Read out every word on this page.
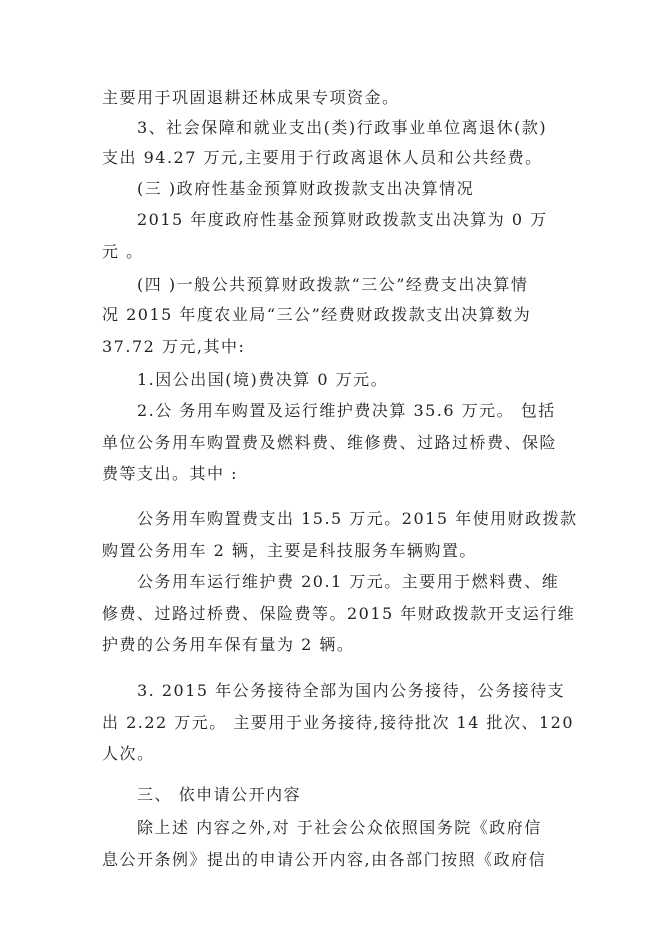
主要用于巩固退耕还林成果专项资金。
3、社会保障和就业支出(类)行政事业单位离退休(款)
支出 94.27 万元,主要用于行政离退休人员和公共经费。
(三 )政府性基金预算财政拨款支出决算情况
2015 年度政府性基金预算财政拨款支出决算为 0 万
元 。
(四 )一般公共预算财政拨款“三公”经费支出决算情
况 2015 年度农业局“三公”经费财政拨款支出决算数为
37.72 万元,其中:
1.因公出国(境)费决算 0 万元。
2.公 务用车购置及运行维护费决算 35.6 万元。 包括
单位公务用车购置费及燃料费、维修费、过路过桥费、保险
费等支出。其中 :
公务用车购置费支出 15.5 万元。2015 年使用财政拨款
购置公务用车 2 辆，主要是科技服务车辆购置。
公务用车运行维护费 20.1 万元。主要用于燃料费、维
修费、过路过桥费、保险费等。2015 年财政拨款开支运行维
护费的公务用车保有量为 2 辆。
3. 2015 年公务接待全部为国内公务接待，公务接待支
出 2.22 万元。 主要用于业务接待,接待批次 14 批次、120
人次。
三、 依申请公开内容
除上述 内容之外,对 于社会公众依照国务院《政府信
息公开条例》提出的申请公开内容,由各部门按照《政府信
